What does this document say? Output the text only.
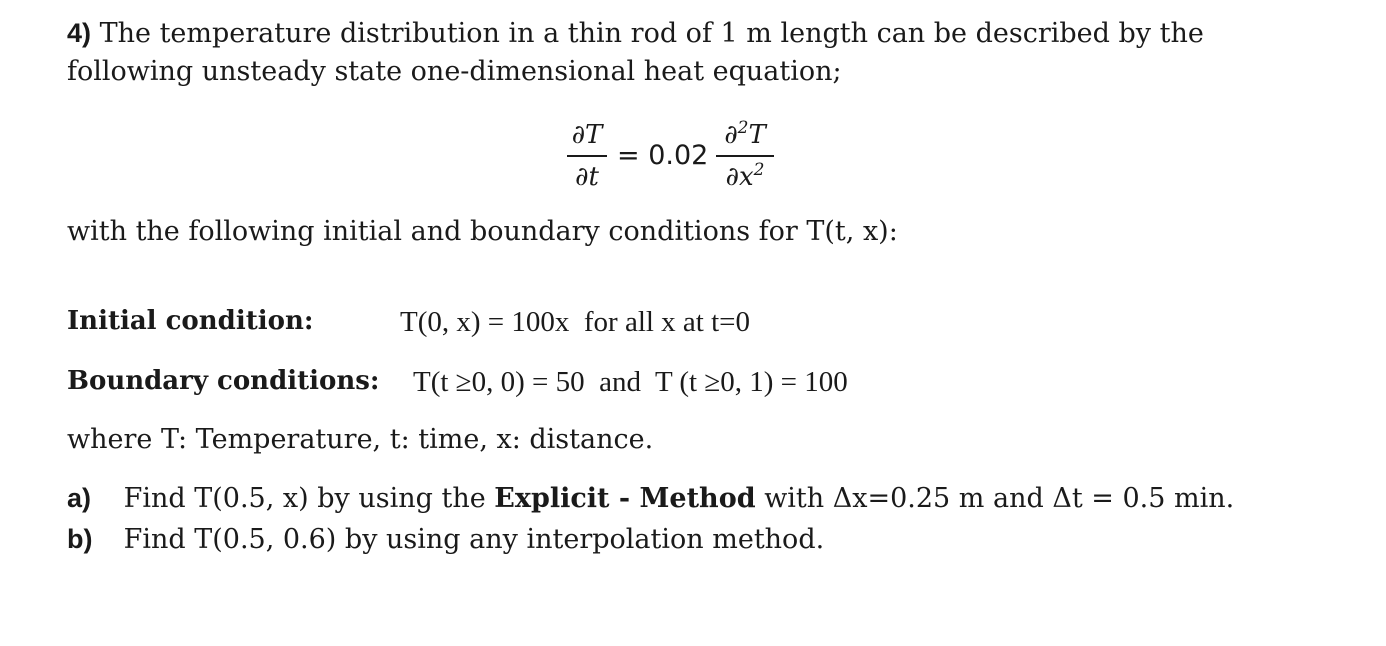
4) The temperature distribution in a thin rod of 1 m length can be described by the
following unsteady state one-dimensional heat equation;
∂T
∂t
= 0.02
∂$^2$T
$\partial x^2$
with the following initial and boundary conditions for T(t, x):
Initial condition:	T(0, x) = 100x  for all x at t=0
Boundary conditions: T(t ≥0, 0) = 50  and  T (t ≥0, 1) = 100
where T: Temperature, t: time, x: distance.
a) Find T(0.5, x) by using the Explicit - Method with Δx=0.25 m and Δt = 0.5 min.
b) Find T(0.5, 0.6) by using any interpolation method.
